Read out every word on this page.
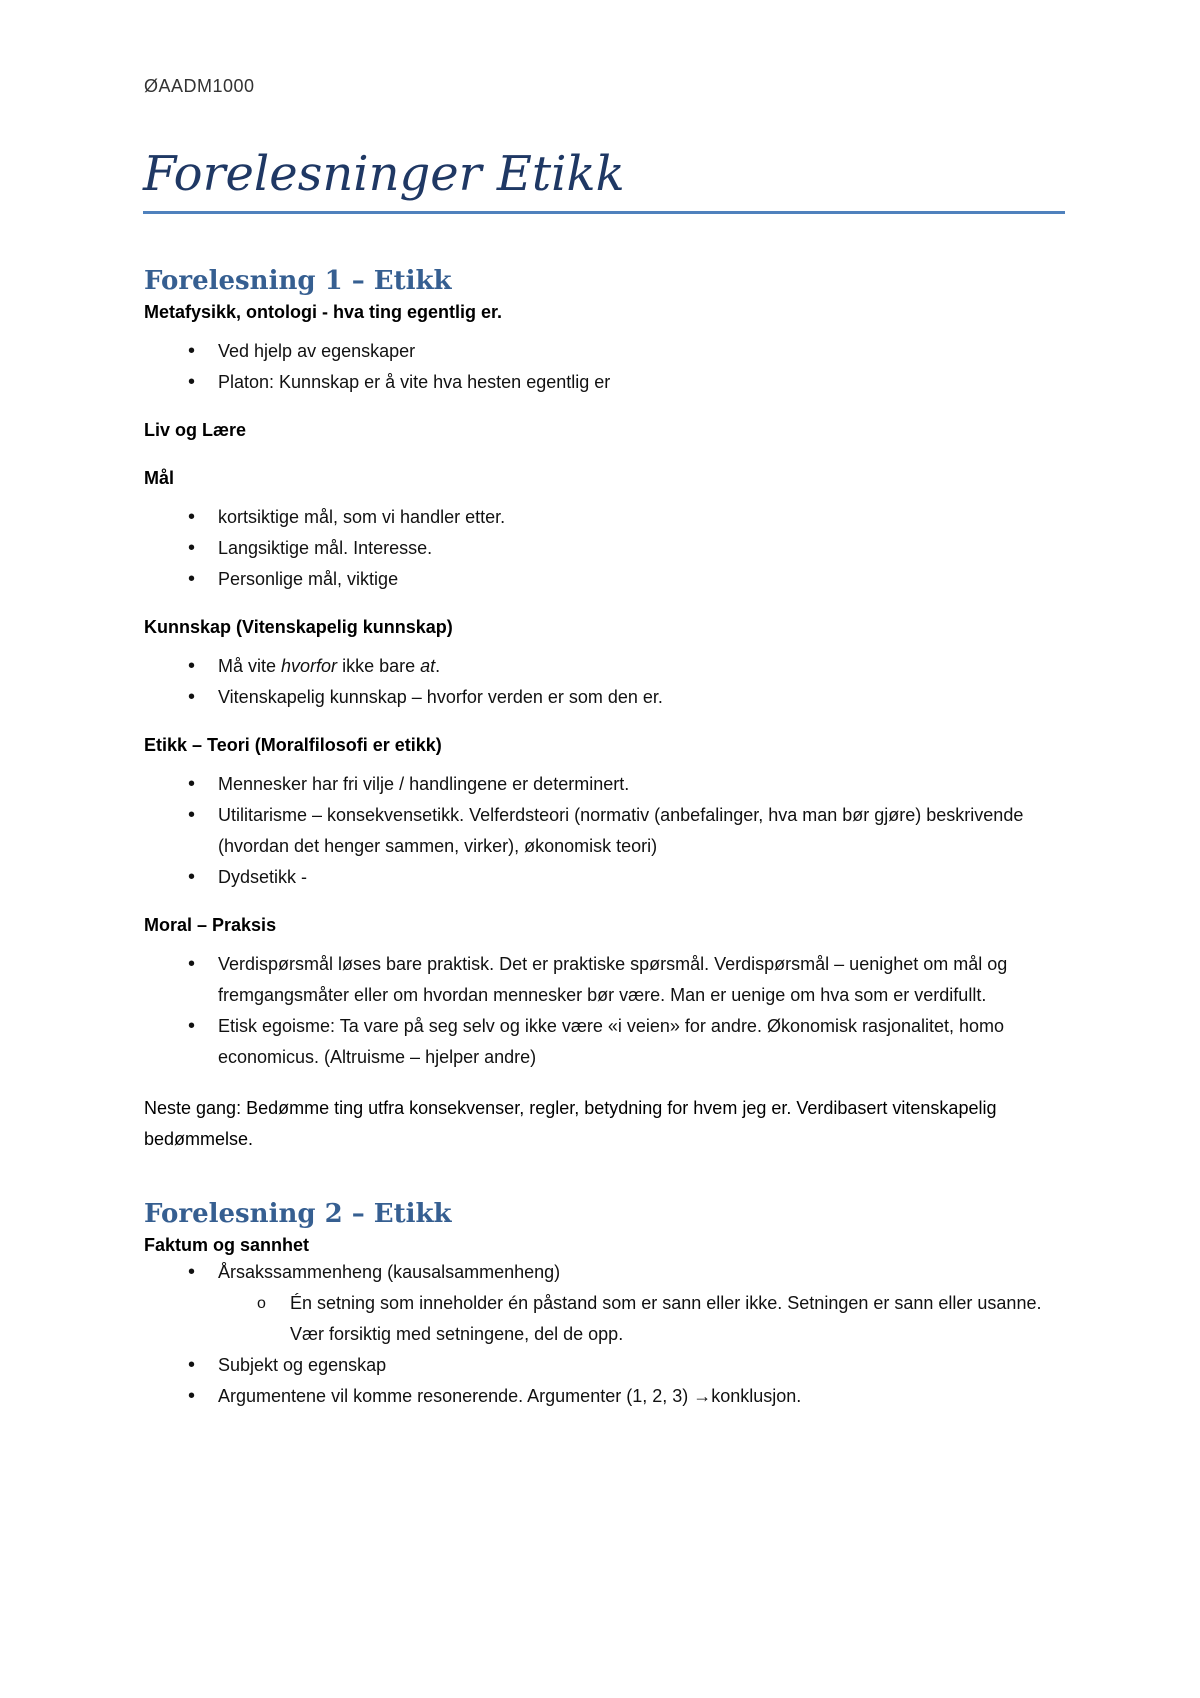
ØAADM1000
Forelesninger Etikk
Forelesning 1 – Etikk

Metafysikk, ontologi - hva ting egentlig er.

• Ved hjelp av egenskaper
• Platon: Kunnskap er å vite hva hesten egentlig er

Liv og Lære

Mål

• kortsiktige mål, som vi handler etter.
• Langsiktige mål. Interesse.
• Personlige mål, viktige

Kunnskap (Vitenskapelig kunnskap)

• Må vite hvorfor ikke bare at.
• Vitenskapelig kunnskap – hvorfor verden er som den er.

Etikk – Teori (Moralfilosofi er etikk)

• Mennesker har fri vilje / handlingene er determinert.
• Utilitarisme – konsekvensetikk. Velferdsteori (normativ (anbefalinger, hva man bør gjøre) beskrivende (hvordan det henger sammen, virker), økonomisk teori)
• Dydsetikk -

Moral – Praksis

• Verdispørsmål løses bare praktisk. Det er praktiske spørsmål. Verdispørsmål – uenighet om mål og fremgangsmåter eller om hvordan mennesker bør være. Man er uenige om hva som er verdifullt.
• Etisk egoisme: Ta vare på seg selv og ikke være «i veien» for andre. Økonomisk rasjonalitet, homo economicus. (Altruisme – hjelper andre)

Neste gang: Bedømme ting utfra konsekvenser, regler, betydning for hvem jeg er. Verdibasert vitenskapelig bedømmelse.

Forelesning 2 – Etikk

Faktum og sannhet

• Årsakssammenheng (kausalsammenheng)
o Én setning som inneholder én påstand som er sann eller ikke. Setningen er sann eller usanne. Vær forsiktig med setningene, del de opp.
• Subjekt og egenskap
• Argumentene vil komme resonerende. Argumenter (1, 2, 3) →konklusjon.
